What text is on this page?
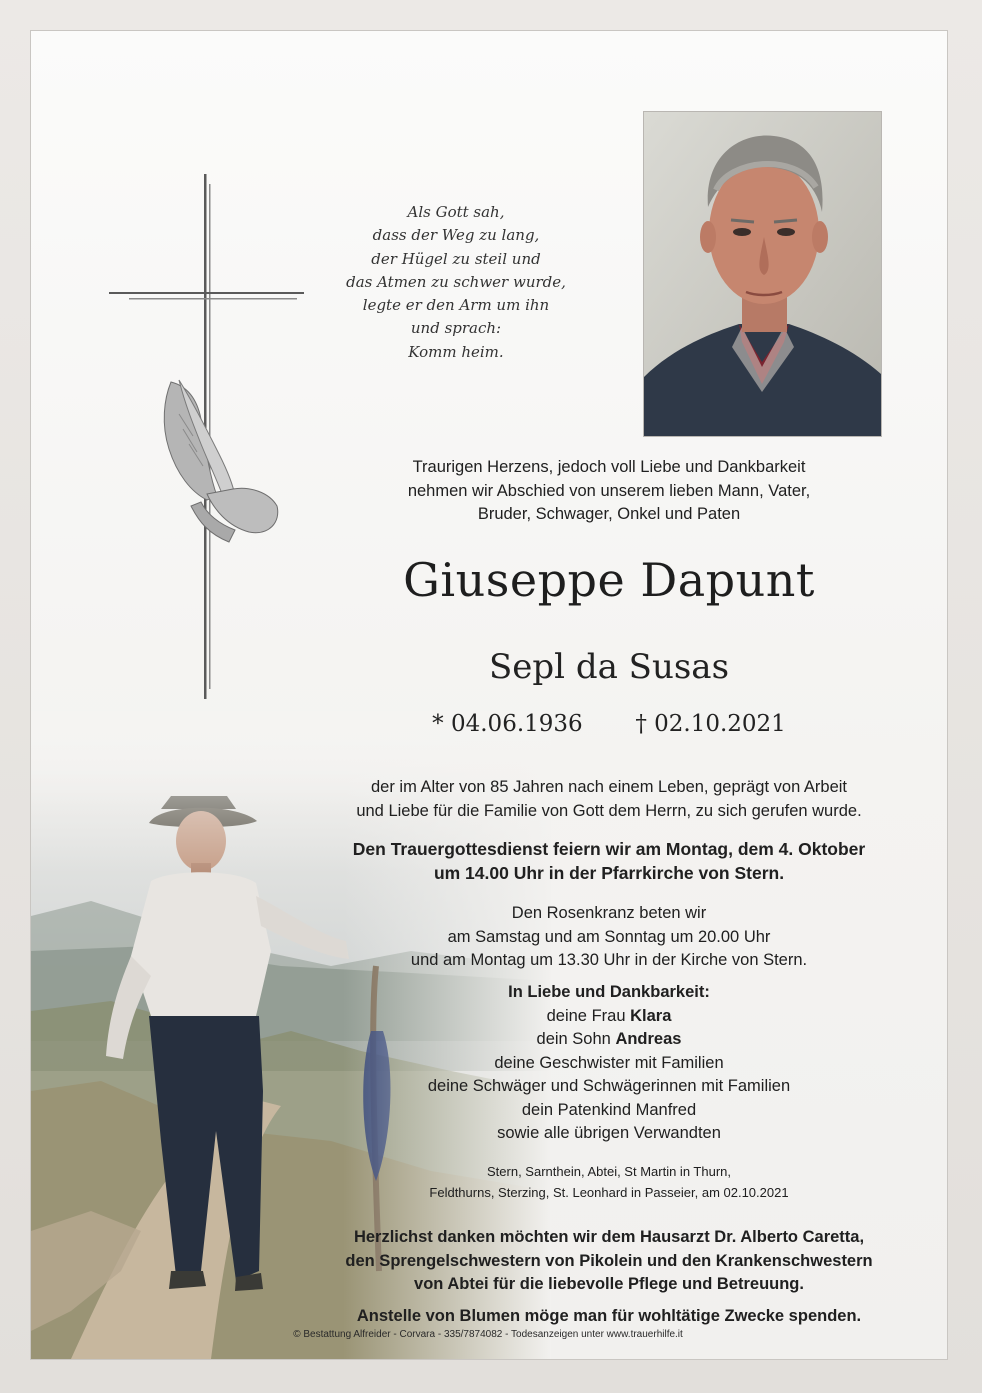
Als Gott sah,
dass der Weg zu lang,
der Hügel zu steil und
das Atmen zu schwer wurde,
legte er den Arm um ihn
und sprach:
Komm heim.
Traurigen Herzens, jedoch voll Liebe und Dankbarkeit
nehmen wir Abschied von unserem lieben Mann, Vater,
Bruder, Schwager, Onkel und Paten
Giuseppe Dapunt
Sepl da Susas
* 04.06.1936 † 02.10.2021
der im Alter von 85 Jahren nach einem Leben, geprägt von Arbeit
und Liebe für die Familie von Gott dem Herrn, zu sich gerufen wurde.
Den Trauergottesdienst feiern wir am Montag, dem 4. Oktober
um 14.00 Uhr in der Pfarrkirche von Stern.
Den Rosenkranz beten wir
am Samstag und am Sonntag um 20.00 Uhr
und am Montag um 13.30 Uhr in der Kirche von Stern.
In Liebe und Dankbarkeit:
deine Frau Klara
dein Sohn Andreas
deine Geschwister mit Familien
deine Schwäger und Schwägerinnen mit Familien
dein Patenkind Manfred
sowie alle übrigen Verwandten
Stern, Sarnthein, Abtei, St Martin in Thurn,
Feldthurns, Sterzing, St. Leonhard in Passeier, am 02.10.2021
Herzlichst danken möchten wir dem Hausarzt Dr. Alberto Caretta,
den Sprengelschwestern von Pikolein und den Krankenschwestern
von Abtei für die liebevolle Pflege und Betreuung.
Anstelle von Blumen möge man für wohltätige Zwecke spenden.
© Bestattung Alfreider - Corvara - 335/7874082 - Todesanzeigen unter www.trauerhilfe.it
